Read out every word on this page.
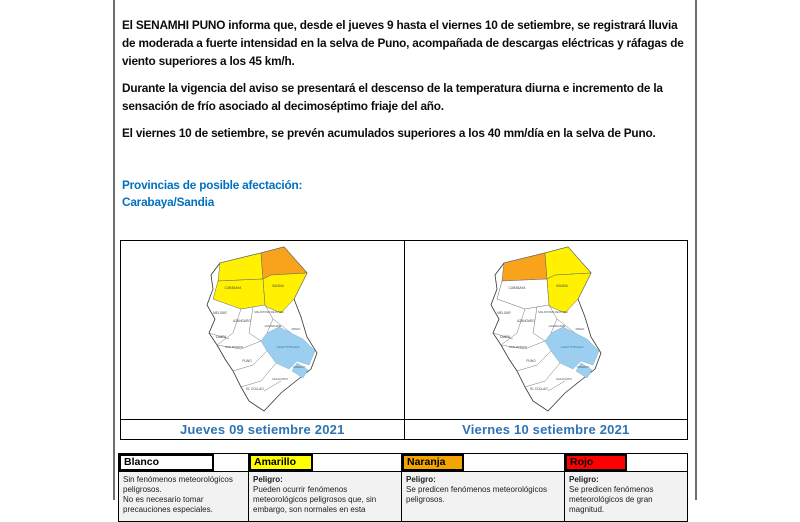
El SENAMHI PUNO informa que, desde el jueves 9 hasta el viernes 10 de setiembre, se registrará lluvia de moderada a fuerte intensidad en la selva de Puno, acompañada de descargas eléctricas y ráfagas de viento superiores a los 45 km/h.

Durante la vigencia del aviso se presentará el descenso de la temperatura diurna e incremento de la sensación de frío asociado al decimoséptimo friaje del año.

El viernes 10 de setiembre, se prevén acumulados superiores a los 40 mm/día en la selva de Puno.

Provincias de posible afectación:
Carabaya/Sandia
CARABAYA	SANDIA
MELGAR
AZANGARO
SAN ANTONIO DE PUTINA
HUANCANE
MOHO
LAMPA
SAN ROMAN
PUNO
EL COLLAO
CHUCUITO
YUNGUYO
LAGO TITICACA
Jueves 09 setiembre 2021
CARABAYA	SANDIA
MELGAR
AZANGARO
SAN ANTONIO DE PUTINA
HUANCANE
MOHO
LAMPA
SAN ROMAN
PUNO
EL COLLAO
CHUCUITO
YUNGUYO
LAGO TITICACA
Viernes 10 setiembre 2021
Blanco
Sin fenómenos meteorológicos peligrosos.
No es necesario tomar precauciones especiales.
Amarillo
Peligro:
Pueden ocurrir fenómenos meteorológicos peligrosos que, sin embargo, son normales en esta
Naranja
Peligro:
Se predicen fenómenos meteorológicos peligrosos.
Rojo
Peligro:
Se predicen fenómenos meteorológicos de gran magnitud.
